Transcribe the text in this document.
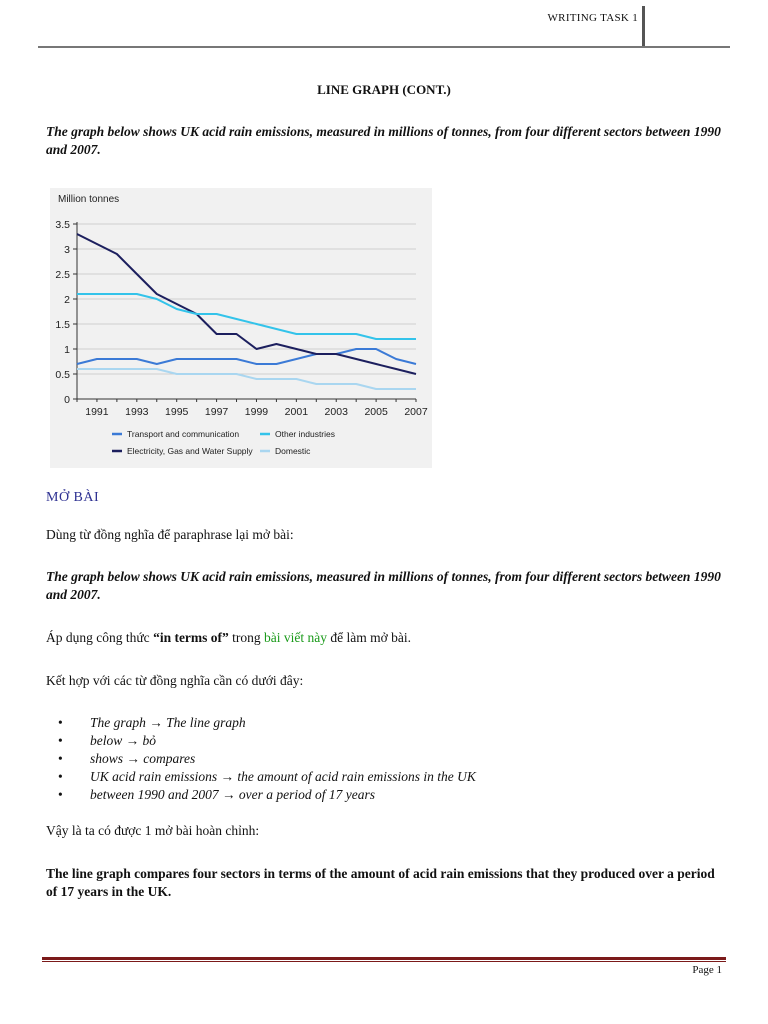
WRITING TASK 1
LINE GRAPH (CONT.)
The graph below shows UK acid rain emissions, measured in millions of tonnes, from four different sectors between 1990 and 2007.
0
0.5
1
1.5
2
2.5
3
3.5
1991 1993 1995 1997 1999 2001 2003 2005 2007
Transport and communication	Other industries
Electricity, Gas and Water Supply	Domestic
Million tonnes
MỞ BÀI
Dùng từ đồng nghĩa để paraphrase lại mở bài:
The graph below shows UK acid rain emissions, measured in millions of tonnes, from four different sectors between 1990 and 2007.
Áp dụng công thức “in terms of” trong bài viết này để làm mở bài.
Kết hợp với các từ đồng nghĩa cần có dưới đây:
• The graph → The line graph
• below → bỏ
• shows → compares
• UK acid rain emissions → the amount of acid rain emissions in the UK
• between 1990 and 2007 → over a period of 17 years
Vậy là ta có được 1 mở bài hoàn chỉnh:
The line graph compares four sectors in terms of the amount of acid rain emissions that they produced over a period of 17 years in the UK.
Page 1
